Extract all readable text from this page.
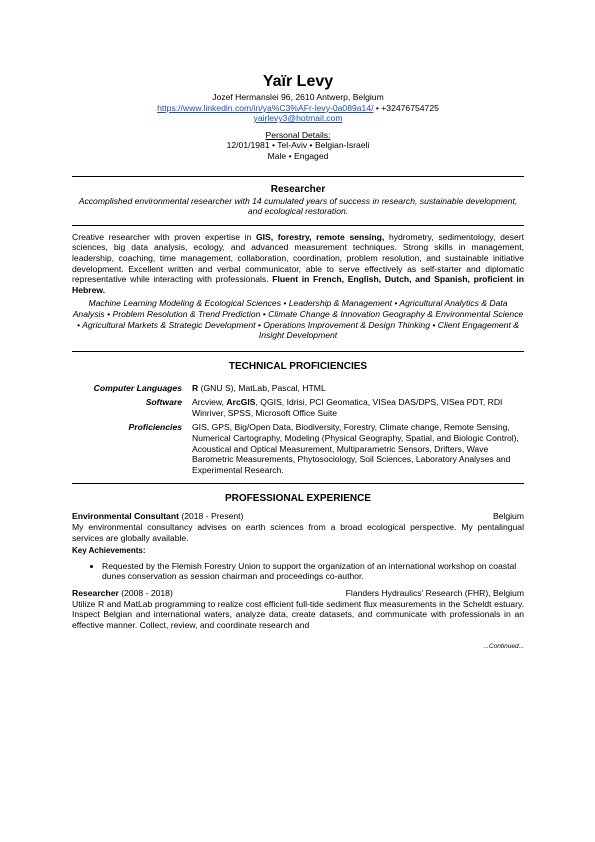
Yaïr Levy
Jozef Hermanslei 96, 2610 Antwerp, Belgium
https://www.linkedin.com/in/ya%C3%AFr-levy-0a089a14/ • +32476754725
yairlevy3@hotmail.com
Personal Details:
12/01/1981 • Tel-Aviv • Belgian-Israeli
Male • Engaged
Researcher
Accomplished environmental researcher with 14 cumulated years of success in research, sustainable development, and ecological restoration.
Creative researcher with proven expertise in GIS, forestry, remote sensing, hydrometry, sedimentology, desert sciences, big data analysis, ecology, and advanced measurement techniques. Strong skills in management, leadership, coaching, time management, collaboration, coordination, problem resolution, and sustainable initiative development. Excellent written and verbal communicator, able to serve effectively as self-starter and diplomatic representative while interacting with professionals. Fluent in French, English, Dutch, and Spanish, proficient in Hebrew.
Machine Learning Modeling & Ecological Sciences • Leadership & Management • Agricultural Analytics & Data Analysis • Problem Resolution & Trend Prediction • Climate Change & Innovation Geography & Environmental Science • Agricultural Markets & Strategic Development • Operations Improvement & Design Thinking • Client Engagement & Insight Development
TECHNICAL PROFICIENCIES
Computer Languages	R (GNU S), MatLab, Pascal, HTML
Software	Arcview, ArcGIS, QGIS, Idrisi, PCI Geomatica, VISea DAS/DPS, VISea PDT, RDI Winriver, SPSS, Microsoft Office Suite
Proficiencies	GIS, GPS, Big/Open Data, Biodiversity, Forestry, Climate change, Remote Sensing, Numerical Cartography, Modeling (Physical Geography, Spatial, and Biologic Control), Acoustical and Optical Measurement, Multiparametric Sensors, Drifters, Wave Barometric Measurements, Phytosociology, Soil Sciences, Laboratory Analyses and Experimental Research.
PROFESSIONAL EXPERIENCE
Environmental Consultant (2018 - Present)	Belgium
My environmental consultancy advises on earth sciences from a broad ecological perspective. My pentalingual services are globally available.
Key Achievements:
• Requested by the Flemish Forestry Union to support the organization of an international workshop on coastal dunes conservation as session chairman and proceedings co-author.
Researcher (2008 - 2018)	Flanders Hydraulics' Research (FHR), Belgium
Utilize R and MatLab programming to realize cost efficient full-tide sediment flux measurements in the Scheldt estuary. Inspect Belgian and international waters, analyze data, create datasets, and communicate with professionals in an effective manner. Collect, review, and coordinate research and
...Continued...
